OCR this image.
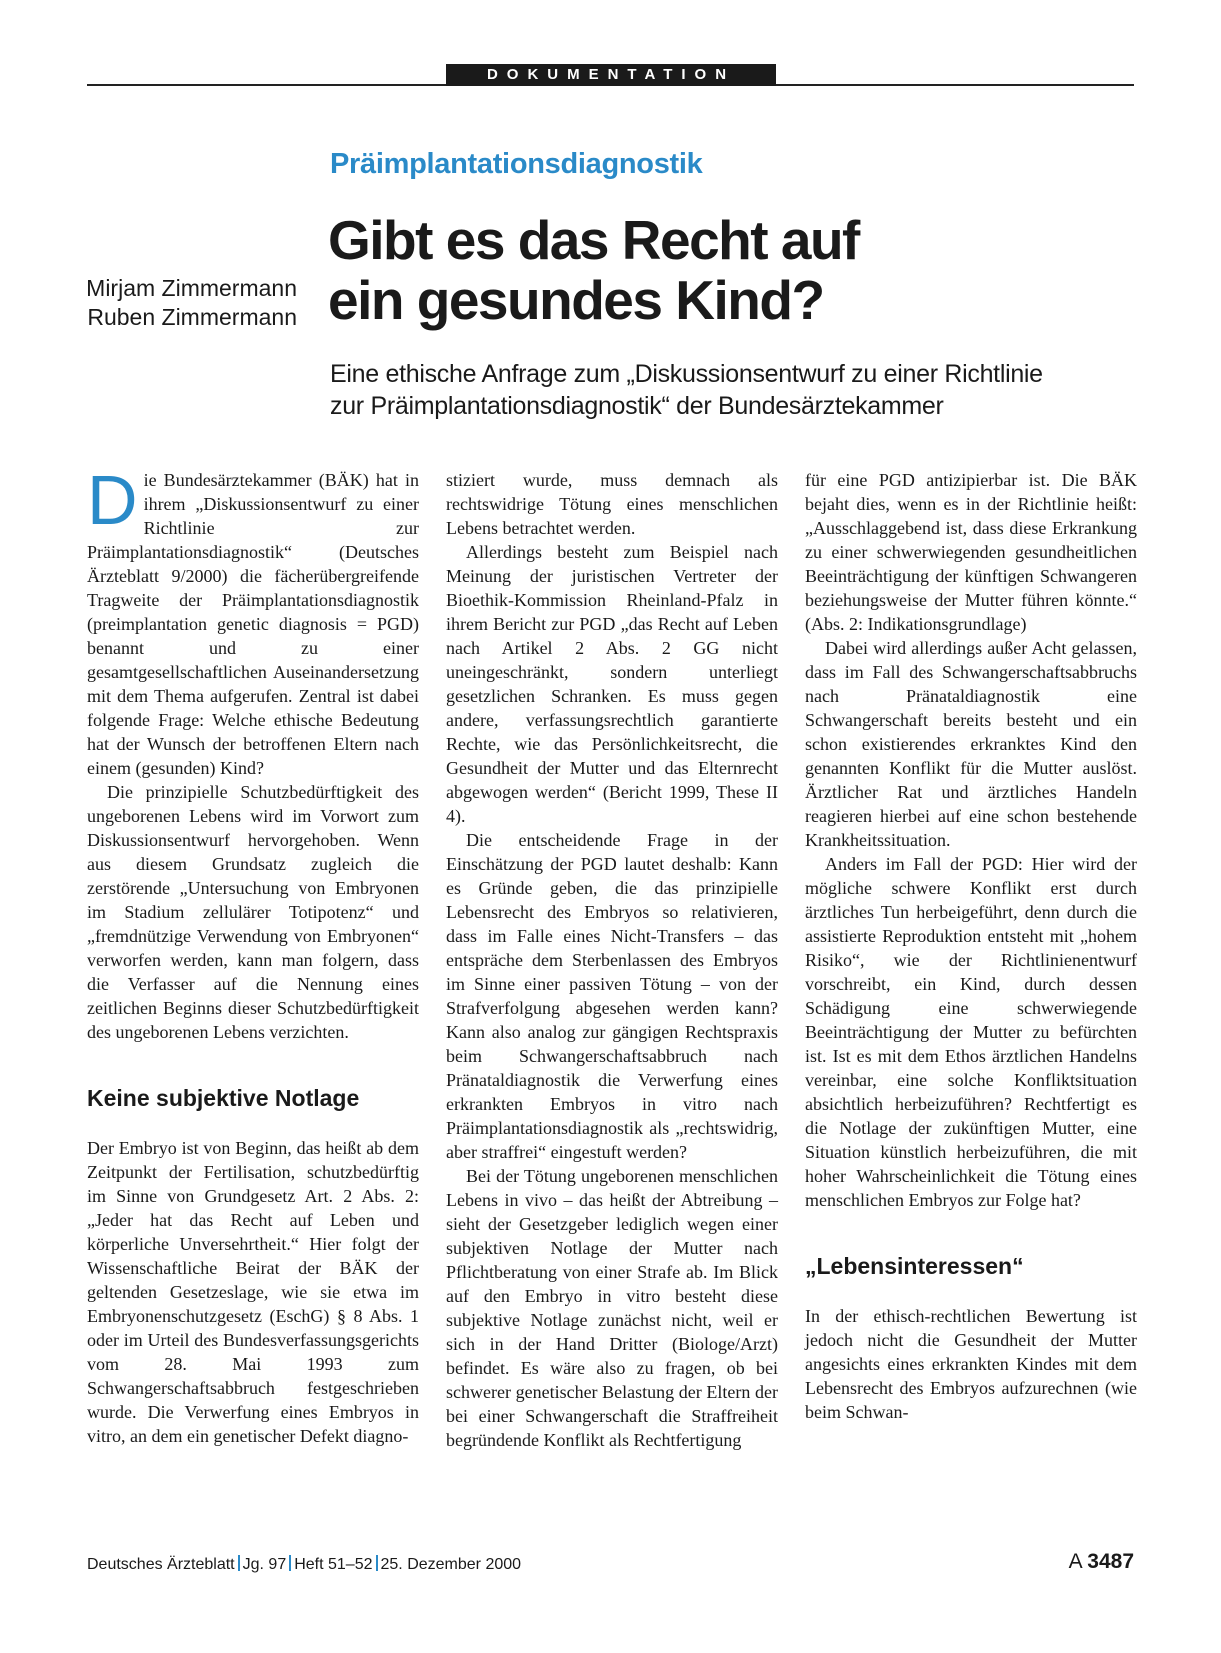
DOKUMENTATION
Präimplantationsdiagnostik
Gibt es das Recht auf
ein gesundes Kind?
Mirjam Zimmermann
Ruben Zimmermann
Eine ethische Anfrage zum „Diskussionsentwurf zu einer Richtlinie
zur Präimplantationsdiagnostik“ der Bundesärztekammer

Die Bundesärztekammer (BÄK) hat in ihrem „Diskussionsentwurf zu einer Richtlinie zur Präimplantationsdiagnostik“ (Deutsches Ärzteblatt 9/2000) die fächerübergreifende Tragweite der Präimplantationsdiagnostik (preimplantation genetic diagnosis = PGD) benannt und zu einer gesamtgesellschaftlichen Auseinandersetzung mit dem Thema aufgerufen. Zentral ist dabei folgende Frage: Welche ethische Bedeutung hat der Wunsch der betroffenen Eltern nach einem (gesunden) Kind?

Die prinzipielle Schutzbedürftigkeit des ungeborenen Lebens wird im Vorwort zum Diskussionsentwurf hervorgehoben. Wenn aus diesem Grundsatz zugleich die zerstörende „Untersuchung von Embryonen im Stadium zellulärer Totipotenz“ und „fremdnützige Verwendung von Embryonen“ verworfen werden, kann man folgern, dass die Verfasser auf die Nennung eines zeitlichen Beginns dieser Schutzbedürftigkeit des ungeborenen Lebens verzichten.

Keine subjektive Notlage

Der Embryo ist von Beginn, das heißt ab dem Zeitpunkt der Fertilisation, schutzbedürftig im Sinne von Grundgesetz Art. 2 Abs. 2: „Jeder hat das Recht auf Leben und körperliche Unversehrtheit.“ Hier folgt der Wissenschaftliche Beirat der BÄK der geltenden Gesetzeslage, wie sie etwa im Embryonenschutzgesetz (EschG) § 8 Abs. 1 oder im Urteil des Bundesverfassungsgerichts vom 28. Mai 1993 zum Schwangerschaftsabbruch festgeschrieben wurde. Die Verwerfung eines Embryos in vitro, an dem ein genetischer Defekt diagno-

stiziert wurde, muss demnach als rechtswidrige Tötung eines menschlichen Lebens betrachtet werden.

Allerdings besteht zum Beispiel nach Meinung der juristischen Vertreter der Bioethik-Kommission Rheinland-Pfalz in ihrem Bericht zur PGD „das Recht auf Leben nach Artikel 2 Abs. 2 GG nicht uneingeschränkt, sondern unterliegt gesetzlichen Schranken. Es muss gegen andere, verfassungsrechtlich garantierte Rechte, wie das Persönlichkeitsrecht, die Gesundheit der Mutter und das Elternrecht abgewogen werden“ (Bericht 1999, These II 4).

Die entscheidende Frage in der Einschätzung der PGD lautet deshalb: Kann es Gründe geben, die das prinzipielle Lebensrecht des Embryos so relativieren, dass im Falle eines Nicht-Transfers – das entspräche dem Sterbenlassen des Embryos im Sinne einer passiven Tötung – von der Strafverfolgung abgesehen werden kann? Kann also analog zur gängigen Rechtspraxis beim Schwangerschaftsabbruch nach Pränataldiagnostik die Verwerfung eines erkrankten Embryos in vitro nach Präimplantationsdiagnostik als „rechtswidrig, aber straffrei“ eingestuft werden?

Bei der Tötung ungeborenen menschlichen Lebens in vivo – das heißt der Abtreibung – sieht der Gesetzgeber lediglich wegen einer subjektiven Notlage der Mutter nach Pflichtberatung von einer Strafe ab. Im Blick auf den Embryo in vitro besteht diese subjektive Notlage zunächst nicht, weil er sich in der Hand Dritter (Biologe/Arzt) befindet. Es wäre also zu fragen, ob bei schwerer genetischer Belastung der Eltern der bei einer Schwangerschaft die Straffreiheit begründende Konflikt als Rechtfertigung

für eine PGD antizipierbar ist. Die BÄK bejaht dies, wenn es in der Richtlinie heißt: „Ausschlaggebend ist, dass diese Erkrankung zu einer schwerwiegenden gesundheitlichen Beeinträchtigung der künftigen Schwangeren beziehungsweise der Mutter führen könnte.“ (Abs. 2: Indikationsgrundlage)

Dabei wird allerdings außer Acht gelassen, dass im Fall des Schwangerschaftsabbruchs nach Pränataldiagnostik eine Schwangerschaft bereits besteht und ein schon existierendes erkranktes Kind den genannten Konflikt für die Mutter auslöst. Ärztlicher Rat und ärztliches Handeln reagieren hierbei auf eine schon bestehende Krankheitssituation.

Anders im Fall der PGD: Hier wird der mögliche schwere Konflikt erst durch ärztliches Tun herbeigeführt, denn durch die assistierte Reproduktion entsteht mit „hohem Risiko“, wie der Richtlinienentwurf vorschreibt, ein Kind, durch dessen Schädigung eine schwerwiegende Beeinträchtigung der Mutter zu befürchten ist. Ist es mit dem Ethos ärztlichen Handelns vereinbar, eine solche Konfliktsituation absichtlich herbeizuführen? Rechtfertigt es die Notlage der zukünftigen Mutter, eine Situation künstlich herbeizuführen, die mit hoher Wahrscheinlichkeit die Tötung eines menschlichen Embryos zur Folge hat?

„Lebensinteressen“

In der ethisch-rechtlichen Bewertung ist jedoch nicht die Gesundheit der Mutter angesichts eines erkrankten Kindes mit dem Lebensrecht des Embryos aufzurechnen (wie beim Schwan-

Deutsches Ärzteblatt Jg. 97 Heft 51–52 25. Dezember 2000	A 3487
